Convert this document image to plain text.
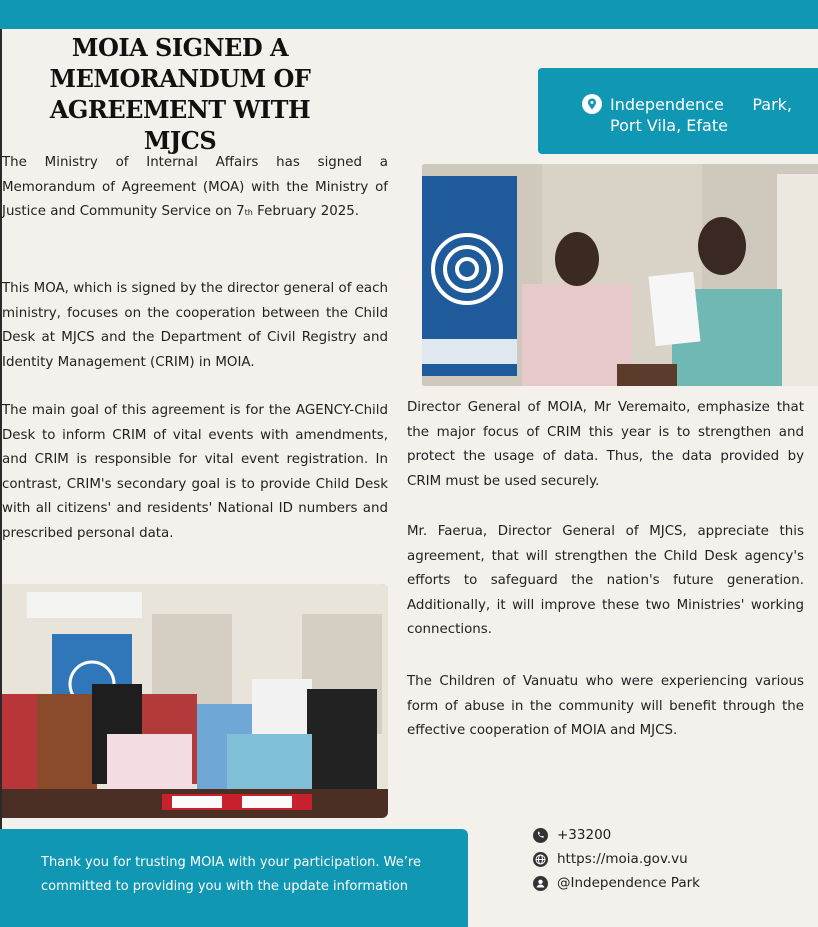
MOIA SIGNED A MEMORANDUM OF AGREEMENT WITH MJCS
Independence Park, Port Vila, Efate

The Ministry of Internal Affairs has signed a Memorandum of Agreement (MOA) with the Ministry of Justice and Community Service on 7th February 2025.

This MOA, which is signed by the director general of each ministry, focuses on the cooperation between the Child Desk at MJCS and the Department of Civil Registry and Identity Management (CRIM) in MOIA.

The main goal of this agreement is for the AGENCY-Child Desk to inform CRIM of vital events with amendments, and CRIM is responsible for vital event registration. In contrast, CRIM's secondary goal is to provide Child Desk with all citizens' and residents' National ID numbers and prescribed personal data.

Director General of MOIA, Mr Veremaito, emphasize that the major focus of CRIM this year is to strengthen and protect the usage of data. Thus, the data provided by CRIM must be used securely.

Mr. Faerua, Director General of MJCS, appreciate this agreement, that will strengthen the Child Desk agency's efforts to safeguard the nation's future generation. Additionally, it will improve these two Ministries' working connections.

The Children of Vanuatu who were experiencing various form of abuse in the community will benefit through the effective cooperation of MOIA and MJCS.

Thank you for trusting MOIA with your participation. We’re committed to providing you with the update information
+33200
https://moia.gov.vu
@Independence Park
